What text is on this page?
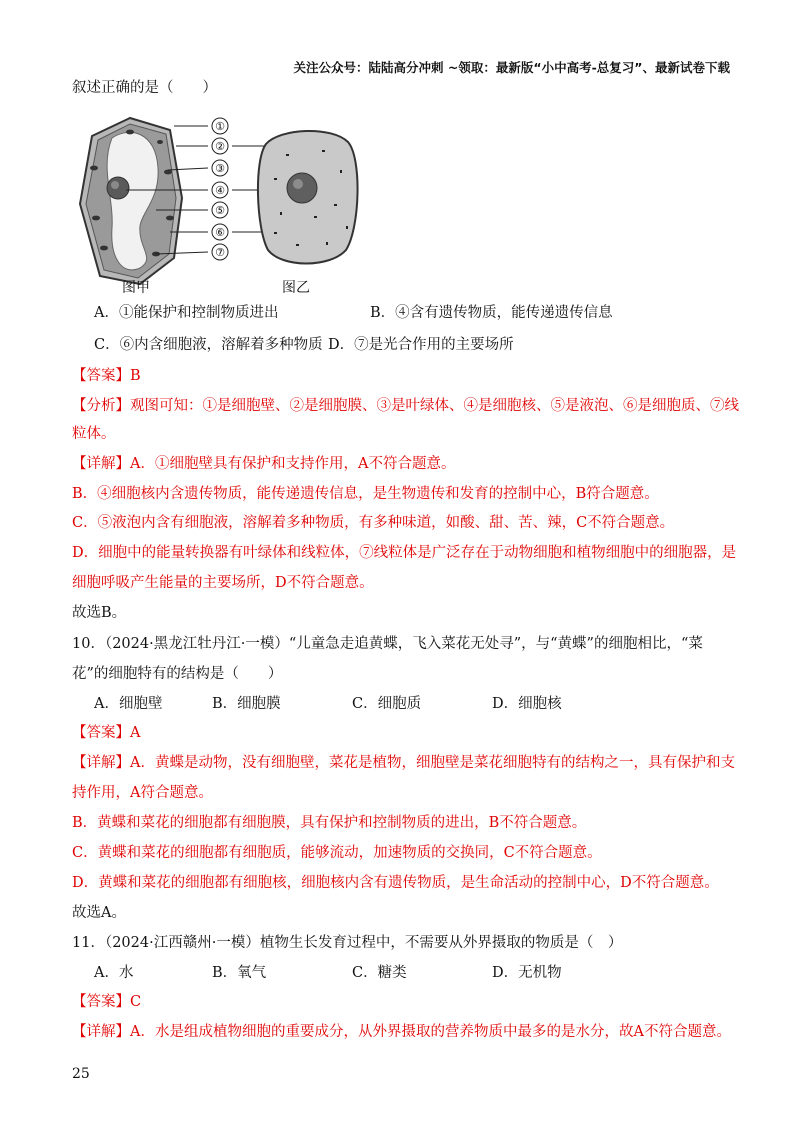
关注公众号：陆陆高分冲刺 ~领取：最新版“小中高考-总复习”、最新试卷下载
叙述正确的是（　　）
①
②
③
④
⑤
⑥
⑦
图甲	图乙
A．①能保护和控制物质进出	B．④含有遗传物质，能传递遗传信息
C．⑥内含细胞液，溶解着多种物质 D．⑦是光合作用的主要场所
【答案】B
【分析】观图可知：①是细胞壁、②是细胞膜、③是叶绿体、④是细胞核、⑤是液泡、⑥是细胞质、⑦线
粒体。
【详解】A．①细胞壁具有保护和支持作用，A不符合题意。
B．④细胞核内含遗传物质，能传递遗传信息，是生物遗传和发育的控制中心，B符合题意。
C．⑤液泡内含有细胞液，溶解着多种物质，有多种味道，如酸、甜、苦、辣，C不符合题意。
D．细胞中的能量转换器有叶绿体和线粒体，⑦线粒体是广泛存在于动物细胞和植物细胞中的细胞器，是
细胞呼吸产生能量的主要场所，D不符合题意。
故选B。
10．（2024·黑龙江牡丹江·一模）“儿童急走追黄蝶，飞入菜花无处寻”，与“黄蝶”的细胞相比，“菜
花”的细胞特有的结构是（　　）
A．细胞壁	B．细胞膜	C．细胞质	D．细胞核
【答案】A
【详解】A．黄蝶是动物，没有细胞壁，菜花是植物，细胞壁是菜花细胞特有的结构之一，具有保护和支
持作用，A符合题意。
B．黄蝶和菜花的细胞都有细胞膜，具有保护和控制物质的进出，B不符合题意。
C．黄蝶和菜花的细胞都有细胞质，能够流动，加速物质的交换同，C不符合题意。
D．黄蝶和菜花的细胞都有细胞核，细胞核内含有遗传物质，是生命活动的控制中心，D不符合题意。
故选A。
11．（2024·江西赣州·一模）植物生长发育过程中，不需要从外界摄取的物质是（　）
A．水	B．氧气	C．糖类	D．无机物
【答案】C
【详解】A．水是组成植物细胞的重要成分，从外界摄取的营养物质中最多的是水分，故A不符合题意。
25
